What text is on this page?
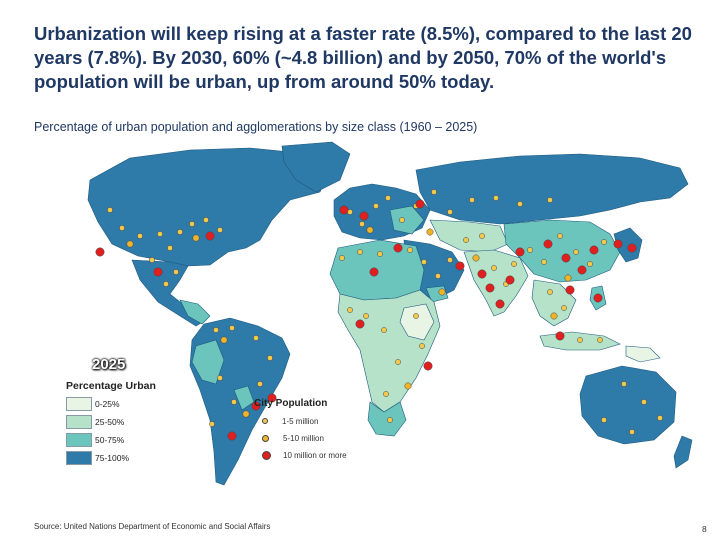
Urbanization will keep rising at a faster rate (8.5%), compared to the last 20 years (7.8%). By 2030, 60% (~4.8 billion) and by 2050, 70% of the world's population will be urban, up from around 50% today.

Percentage of urban population and agglomerations by size class (1960 – 2025)

2025
Percentage Urban
0-25%
25-50%
50-75%
75-100%
City Population
1-5 million
5-10 million
10 million or more
Source: United Nations Department of Economic and Social Affairs	8
